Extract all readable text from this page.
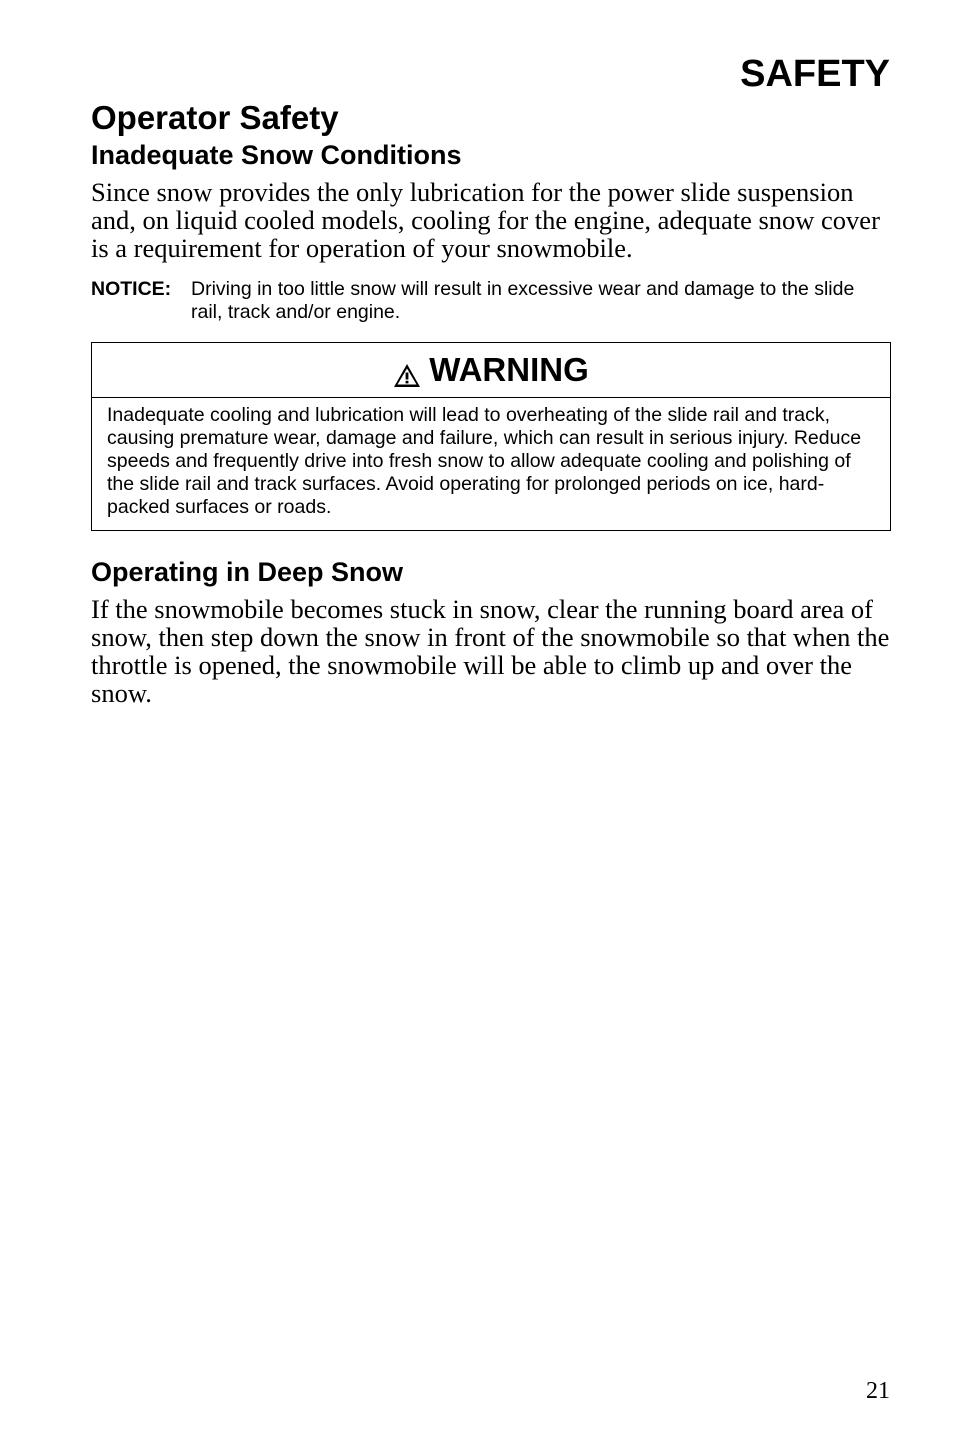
SAFETY
Operator Safety
Inadequate Snow Conditions

Since snow provides the only lubrication for the power slide suspension and, on liquid cooled models, cooling for the engine, adequate snow cover is a requirement for operation of your snowmobile.

NOTICE:	Driving in too little snow will result in excessive wear and damage to the slide rail, track and/or engine.
WARNING
Inadequate cooling and lubrication will lead to overheating of the slide rail and track, causing premature wear, damage and failure, which can result in serious injury. Reduce speeds and frequently drive into fresh snow to allow adequate cooling and polishing of the slide rail and track surfaces. Avoid operating for prolonged periods on ice, hard-packed surfaces or roads.
Operating in Deep Snow

If the snowmobile becomes stuck in snow, clear the running board area of snow, then step down the snow in front of the snowmobile so that when the throttle is opened, the snowmobile will be able to climb up and over the snow.

21
